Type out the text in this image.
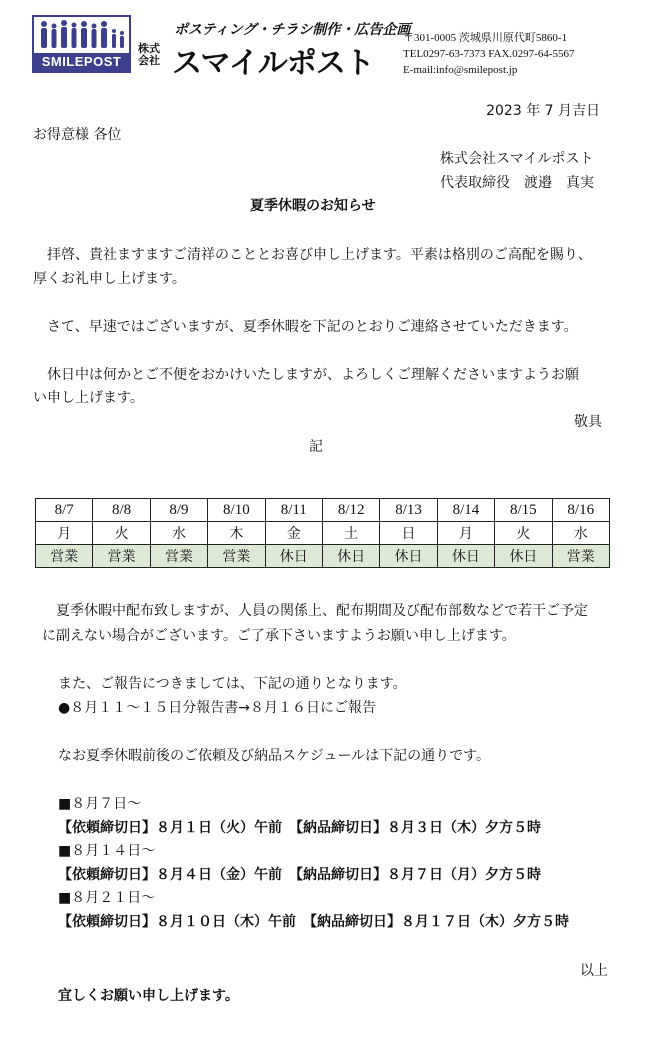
SMILEPOST
ポスティング・チラシ制作・広告企画
株式
会社 スマイルポスト
〒301-0005 茨城県川原代町5860-1
TEL0297-63-7373 FAX.0297-64-5567
E-mail:info@smilepost.jp
2023 年 7 月吉日
お得意様 各位
株式会社スマイルポスト
代表取締役　渡邉　真実
夏季休暇のお知らせ
　拝啓、貴社ますますご清祥のこととお喜び申し上げます。平素は格別のご高配を賜り、
厚くお礼申し上げます。
　さて、早速ではございますが、夏季休暇を下記のとおりご連絡させていただきます。
　休日中は何かとご不便をおかけいたしますが、よろしくご理解くださいますようお願
い申し上げます。
敬具
記
8/7	8/8	8/9	8/10	8/11	8/12	8/13	8/14	8/15	8/16
月	火	水	木	金	土	日	月	火	水
営業	営業	営業	営業	休日	休日	休日	休日	休日	営業
　夏季休暇中配布致しますが、人員の関係上、配布期間及び配布部数などで若干ご予定
に副えない場合がございます。ご了承下さいますようお願い申し上げます。
また、ご報告につきましては、下記の通りとなります。
●８月１１～１５日分報告書→８月１６日にご報告
なお夏季休暇前後のご依頼及び納品スケジュールは下記の通りです。
■８月７日～
【依頼締切日】８月１日（火）午前　【納品締切日】８月３日（木）夕方５時
■８月１４日～
【依頼締切日】８月４日（金）午前　【納品締切日】８月７日（月）夕方５時
■８月２１日～
【依頼締切日】８月１０日（木）午前　【納品締切日】８月１７日（木）夕方５時
以上
宜しくお願い申し上げます。
